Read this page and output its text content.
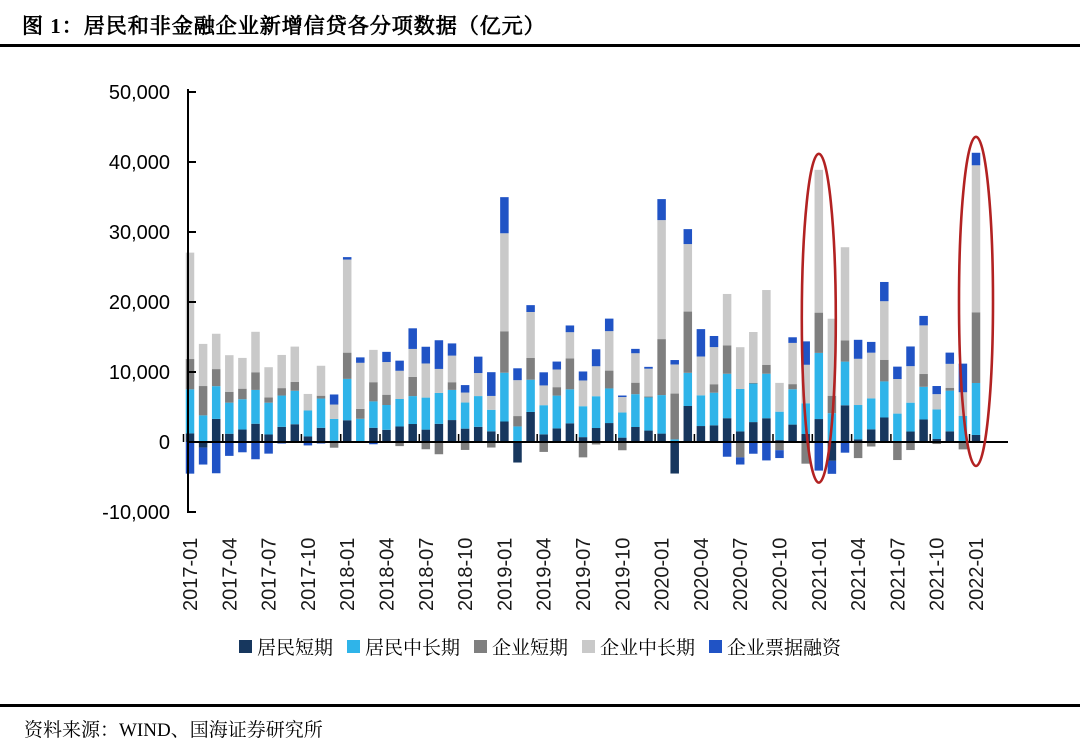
图 1：居民和非金融企业新增信贷各分项数据（亿元）
50,000
40,000
30,000
20,000
10,000
0
-10,000
2017-01 2017-04 2017-07 2017-10 2018-01 2018-04 2018-07 2018-10 2019-01 2019-04 2019-07 2019-10 2020-01 2020-04 2020-07 2020-10 2021-01 2021-04 2021-07 2021-10 2022-01
居民短期 居民中长期 企业短期 企业中长期 企业票据融资
资料来源：WIND、国海证券研究所
